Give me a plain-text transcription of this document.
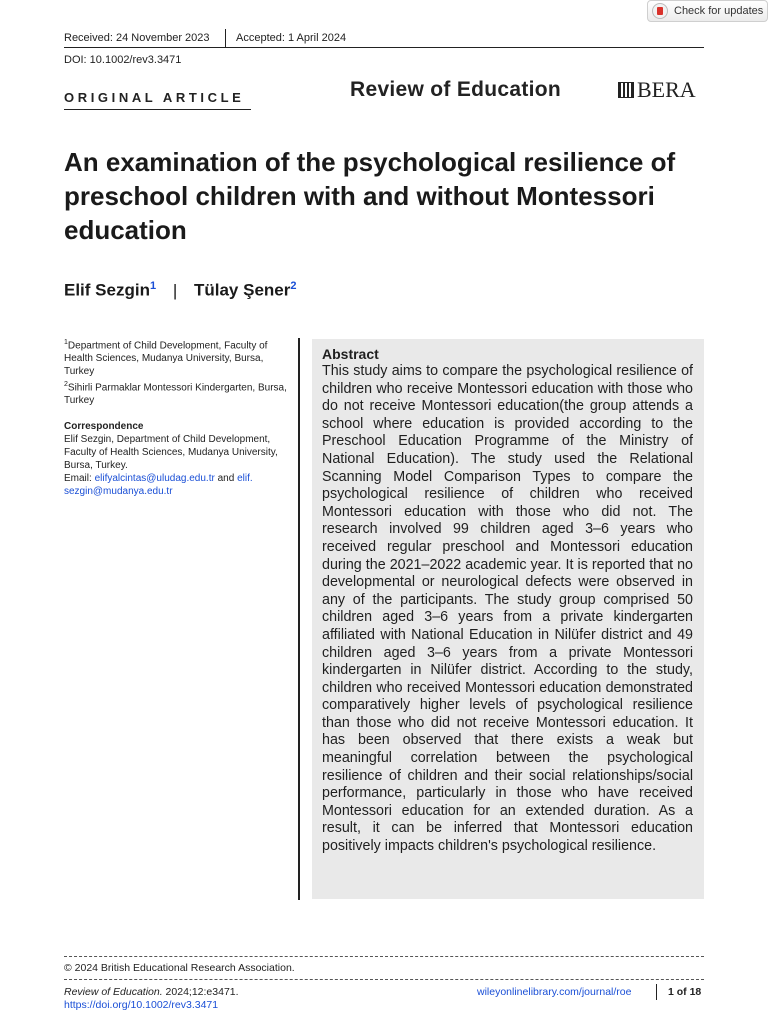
Check for updates
Received: 24 November 2023 Accepted: 1 April 2024
DOI: 10.1002/rev3.3471
ORIGINAL ARTICLE	Review of Education	BERA
An examination of the psychological resilience of preschool children with and without Montessori education
Elif Sezgin$^1$ | Tülay Şener$^2$
$^1$Department of Child Development, Faculty of Health Sciences, Mudanya University, Bursa, Turkey
$^2$Sihirli Parmaklar Montessori Kindergarten, Bursa, Turkey
Correspondence
Elif Sezgin, Department of Child Development, Faculty of Health Sciences, Mudanya University, Bursa, Turkey.
Email: elifyalcintas@uludag.edu.tr and elif. sezgin@mudanya.edu.tr
Abstract
This study aims to compare the psychological resilience of children who receive Montessori education with those who do not receive Montessori education(the group attends a school where education is provided according to the Preschool Education Programme of the Ministry of National Education). The study used the Relational Scanning Model Comparison Types to compare the psychological resilience of children who received Montessori education with those who did not. The research involved 99 children aged 3–6 years who received regular preschool and Montessori education during the 2021–2022 academic year. It is reported that no developmental or neurological defects were observed in any of the participants. The study group comprised 50 children aged 3–6 years from a private kindergarten affiliated with National Education in Nilüfer district and 49 children aged 3–6 years from a private Montessori kindergarten in Nilüfer district. According to the study, children who received Montessori education demonstrated comparatively higher levels of psychological resilience than those who did not receive Montessori education. It has been observed that there exists a weak but meaningful correlation between the psychological resilience of children and their social relationships/social performance, particularly in those who have received Montessori education for an extended duration. As a result, it can be inferred that Montessori education positively impacts children's psychological resilience.
© 2024 British Educational Research Association.
Review of Education. 2024;12:e3471.
https://doi.org/10.1002/rev3.3471
wileyonlinelibrary.com/journal/roe	1 of 18
